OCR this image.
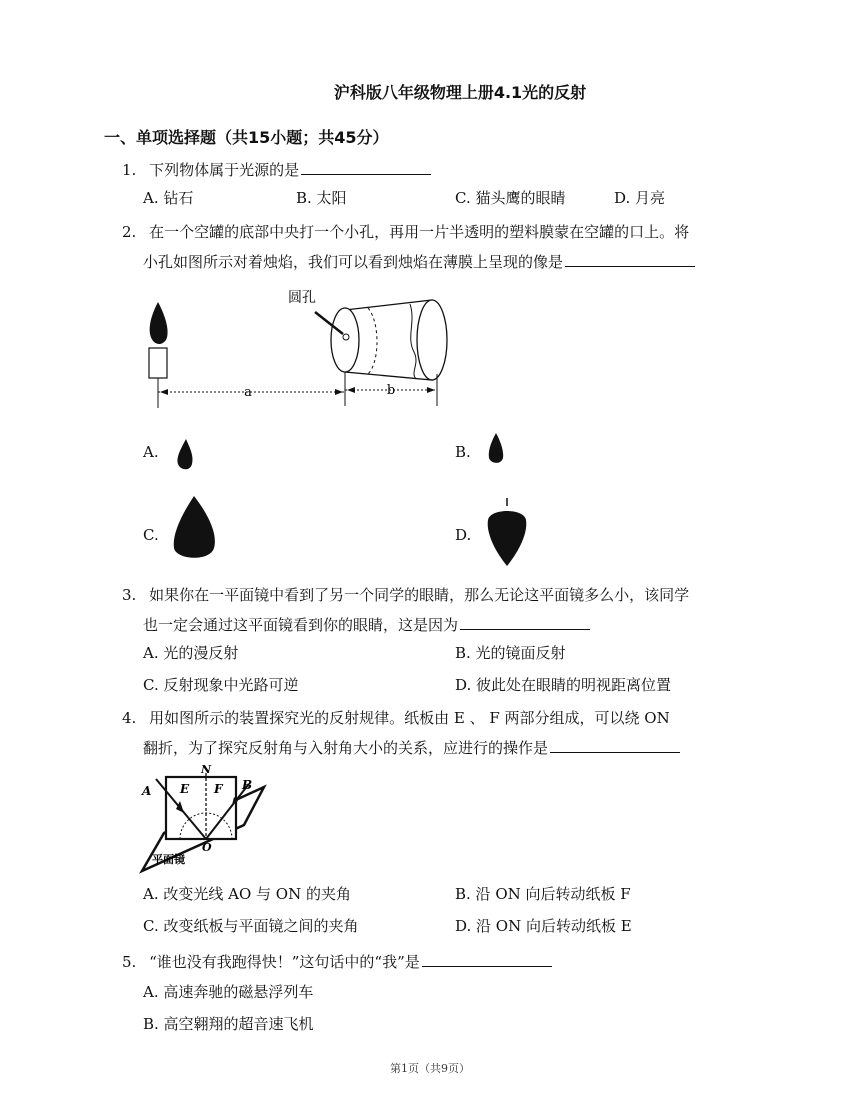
沪科版八年级物理上册4.1光的反射
一、单项选择题（共15小题；共45分）
1. 下列物体属于光源的是
A. 钻石	B. 太阳	C. 猫头鹰的眼睛	D. 月亮
2. 在一个空罐的底部中央打一个小孔，再用一片半透明的塑料膜蒙在空罐的口上。将
小孔如图所示对着烛焰，我们可以看到烛焰在薄膜上呈现的像是
a
圆孔
b
A.	B.
C.	D.
3. 如果你在一平面镜中看到了另一个同学的眼睛，那么无论这平面镜多么小，该同学
也一定会通过这平面镜看到你的眼睛，这是因为
A. 光的漫反射	B. 光的镜面反射
C. 反射现象中光路可逆	D. 彼此处在眼睛的明视距离位置
4. 用如图所示的装置探究光的反射规律。纸板由 E 、 F 两部分组成，可以绕 ON
翻折，为了探究反射角与入射角大小的关系，应进行的操作是
N
A	B
E F
O
平面镜
A. 改变光线 AO 与 ON 的夹角	B. 沿 ON 向后转动纸板 F
C. 改变纸板与平面镜之间的夹角	D. 沿 ON 向后转动纸板 E
5. “谁也没有我跑得快！”这句话中的“我”是
A. 高速奔驰的磁悬浮列车
B. 高空翱翔的超音速飞机
第1页（共9页）
